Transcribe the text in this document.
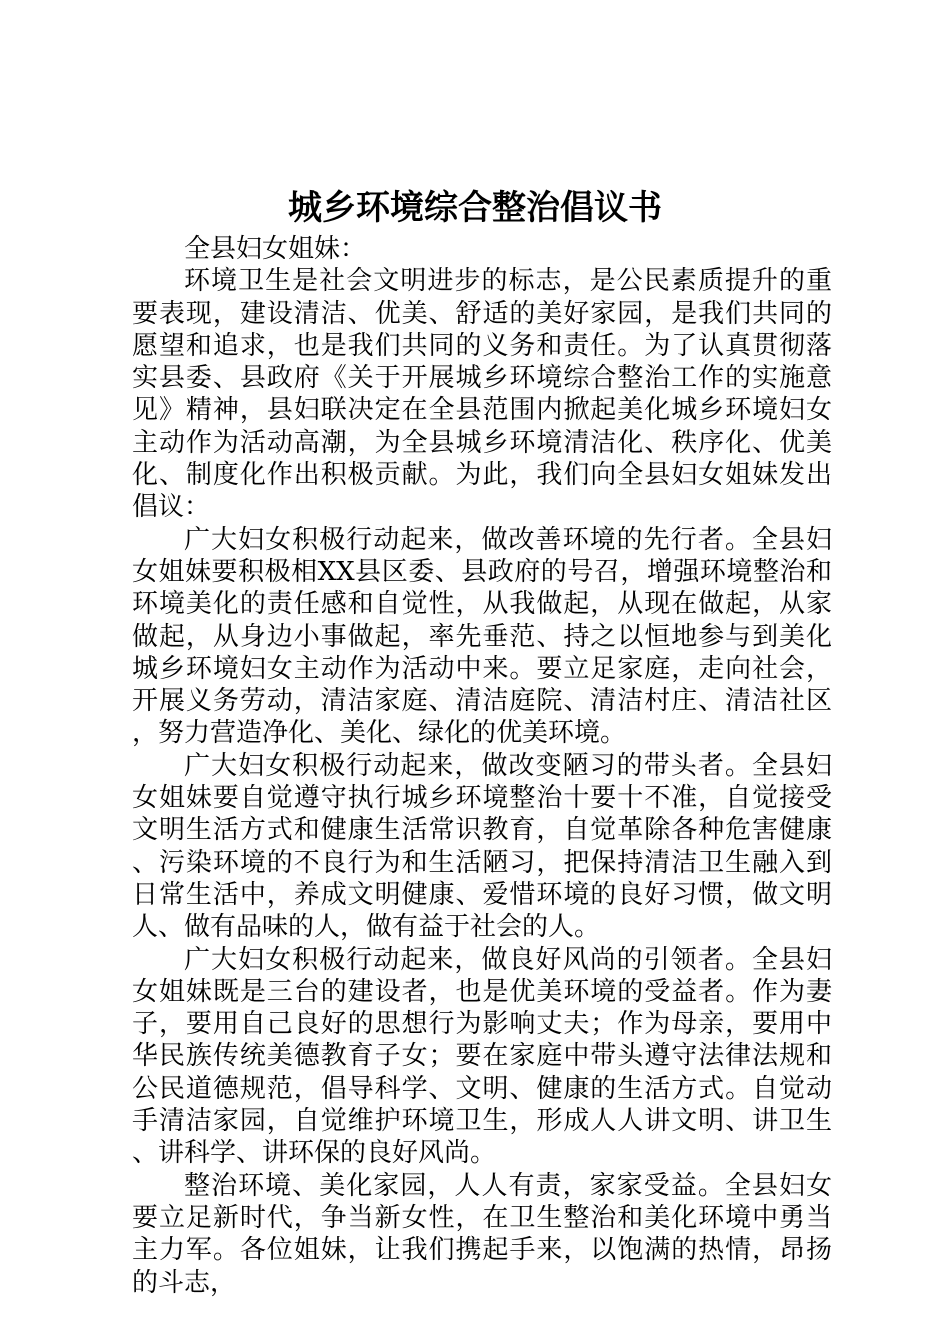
城乡环境综合整治倡议书

全县妇女姐妹：

环境卫生是社会文明进步的标志，是公民素质提升的重要表现，建设清洁、优美、舒适的美好家园，是我们共同的愿望和追求，也是我们共同的义务和责任。为了认真贯彻落实县委、县政府《关于开展城乡环境综合整治工作的实施意见》精神，县妇联决定在全县范围内掀起美化城乡环境妇女主动作为活动高潮，为全县城乡环境清洁化、秩序化、优美化、制度化作出积极贡献。为此，我们向全县妇女姐妹发出倡议：

广大妇女积极行动起来，做改善环境的先行者。全县妇女姐妹要积极相XX县区委、县政府的号召，增强环境整治和环境美化的责任感和自觉性，从我做起，从现在做起，从家做起，从身边小事做起，率先垂范、持之以恒地参与到美化城乡环境妇女主动作为活动中来。要立足家庭，走向社会，开展义务劳动，清洁家庭、清洁庭院、清洁村庄、清洁社区，努力营造净化、美化、绿化的优美环境。

广大妇女积极行动起来，做改变陋习的带头者。全县妇女姐妹要自觉遵守执行城乡环境整治十要十不准，自觉接受文明生活方式和健康生活常识教育，自觉革除各种危害健康、污染环境的不良行为和生活陋习，把保持清洁卫生融入到日常生活中，养成文明健康、爱惜环境的良好习惯，做文明人、做有品味的人，做有益于社会的人。

广大妇女积极行动起来，做良好风尚的引领者。全县妇女姐妹既是三台的建设者，也是优美环境的受益者。作为妻子，要用自己良好的思想行为影响丈夫；作为母亲，要用中华民族传统美德教育子女；要在家庭中带头遵守法律法规和公民道德规范，倡导科学、文明、健康的生活方式。自觉动手清洁家园，自觉维护环境卫生，形成人人讲文明、讲卫生、讲科学、讲环保的良好风尚。

整治环境、美化家园，人人有责，家家受益。全县妇女要立足新时代，争当新女性，在卫生整治和美化环境中勇当主力军。各位姐妹，让我们携起手来，以饱满的热情，昂扬的斗志，
